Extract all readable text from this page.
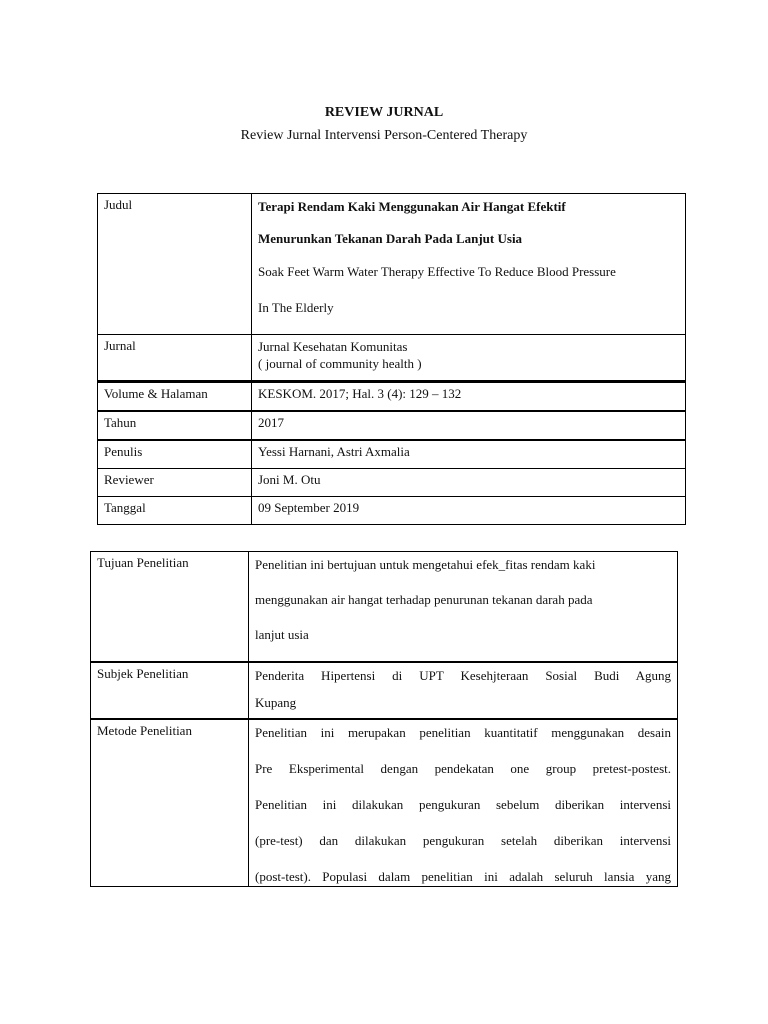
REVIEW JURNAL
Review Jurnal Intervensi Person-Centered Therapy
Judul	Terapi Rendam Kaki Menggunakan Air Hangat Efektif
Menurunkan Tekanan Darah Pada Lanjut Usia
Soak Feet Warm Water Therapy Effective To Reduce Blood Pressure
In The Elderly

Jurnal	Jurnal Kesehatan Komunitas
( journal of community health )

Volume & Halaman	KESKOM. 2017; Hal. 3 (4): 129 – 132
Tahun	2017
Penulis	Yessi Harnani, Astri Axmalia
Reviewer	Joni M. Otu
Tanggal	09 September 2019
Tujuan Penelitian	Penelitian ini bertujuan untuk mengetahui efek_fitas rendam kaki
menggunakan air hangat terhadap penurunan tekanan darah pada
lanjut usia

Subjek Penelitian	Penderita Hipertensi di UPT Kesehjteraan Sosial Budi Agung
Kupang

Metode Penelitian	Penelitian ini merupakan penelitian kuantitatif menggunakan desain
Pre Eksperimental dengan pendekatan one group pretest-postest.
Penelitian ini dilakukan pengukuran sebelum diberikan intervensi
(pre-test) dan dilakukan pengukuran setelah diberikan intervensi
(post-test). Populasi dalam penelitian ini adalah seluruh lansia yang
